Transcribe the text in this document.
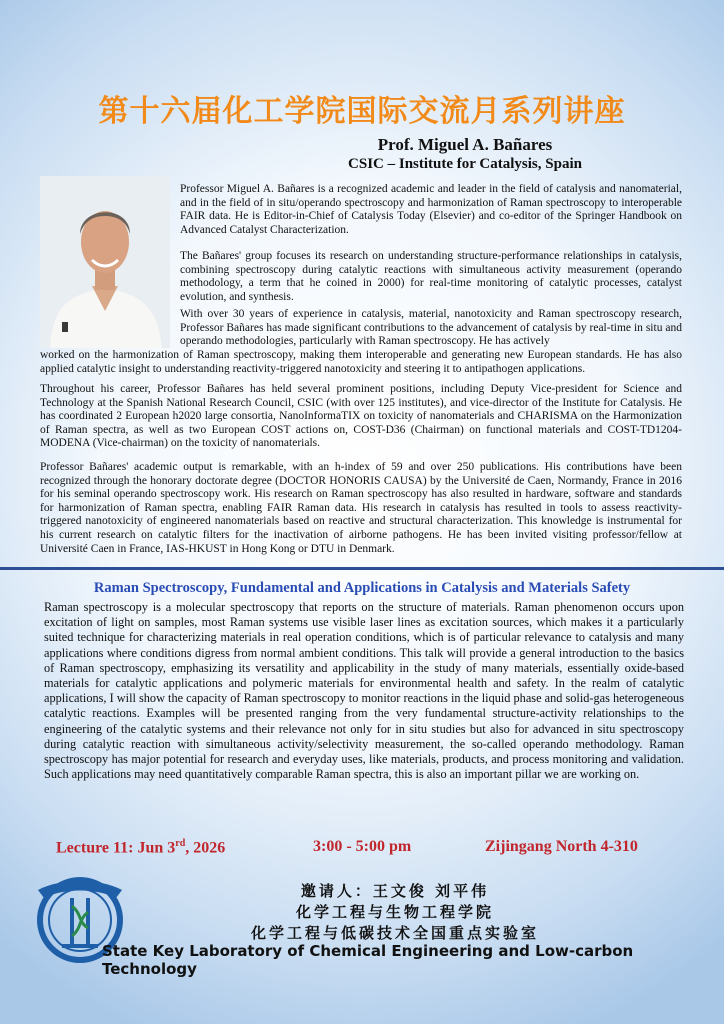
第十六届化工学院国际交流月系列讲座
Prof. Miguel A. Bañares
CSIC – Institute for Catalysis, Spain
Professor Miguel A. Bañares is a recognized academic and leader in the field of catalysis and nanomaterial, and in the field of in situ/operando spectroscopy and harmonization of Raman spectroscopy to interoperable FAIR data. He is Editor-in-Chief of Catalysis Today (Elsevier) and co-editor of the Springer Handbook on Advanced Catalyst Characterization.
The Bañares' group focuses its research on understanding structure-performance relationships in catalysis, combining spectroscopy during catalytic reactions with simultaneous activity measurement (operando methodology, a term that he coined in 2000) for real-time monitoring of catalytic processes, catalyst evolution, and synthesis.
With over 30 years of experience in catalysis, material, nanotoxicity and Raman spectroscopy research, Professor Bañares has made significant contributions to the advancement of catalysis by real-time in situ and operando methodologies, particularly with Raman spectroscopy. He has actively
worked on the harmonization of Raman spectroscopy, making them interoperable and generating new European standards. He has also applied catalytic insight to understanding reactivity-triggered nanotoxicity and steering it to antipathogen applications.
Throughout his career, Professor Bañares has held several prominent positions, including Deputy Vice-president for Science and Technology at the Spanish National Research Council, CSIC (with over 125 institutes), and vice-director of the Institute for Catalysis. He has coordinated 2 European h2020 large consortia, NanoInformaTIX on toxicity of nanomaterials and CHARISMA on the Harmonization of Raman spectra, as well as two European COST actions on, COST-D36 (Chairman) on functional materials and COST-TD1204-MODENA (Vice-chairman) on the toxicity of nanomaterials.
Professor Bañares' academic output is remarkable, with an h-index of 59 and over 250 publications. His contributions have been recognized through the honorary doctorate degree (DOCTOR HONORIS CAUSA) by the Université de Caen, Normandy, France in 2016 for his seminal operando spectroscopy work. His research on Raman spectroscopy has also resulted in hardware, software and standards for harmonization of Raman spectra, enabling FAIR Raman data. His research in catalysis has resulted in tools to assess reactivity-triggered nanotoxicity of engineered nanomaterials based on reactive and structural characterization. This knowledge is instrumental for his current research on catalytic filters for the inactivation of airborne pathogens. He has been invited visiting professor/fellow at Université Caen in France, IAS-HKUST in Hong Kong or DTU in Denmark.
Raman Spectroscopy, Fundamental and Applications in Catalysis and Materials Safety
Raman spectroscopy is a molecular spectroscopy that reports on the structure of materials. Raman phenomenon occurs upon excitation of light on samples, most Raman systems use visible laser lines as excitation sources, which makes it a particularly suited technique for characterizing materials in real operation conditions, which is of particular relevance to catalysis and many applications where conditions digress from normal ambient conditions. This talk will provide a general introduction to the basics of Raman spectroscopy, emphasizing its versatility and applicability in the study of many materials, essentially oxide-based materials for catalytic applications and polymeric materials for environmental health and safety. In the realm of catalytic applications, I will show the capacity of Raman spectroscopy to monitor reactions in the liquid phase and solid-gas heterogeneous catalytic reactions. Examples will be presented ranging from the very fundamental structure-activity relationships to the engineering of the catalytic systems and their relevance not only for in situ studies but also for advanced in situ spectroscopy during catalytic reaction with simultaneous activity/selectivity measurement, the so-called operando methodology. Raman spectroscopy has major potential for research and everyday uses, like materials, products, and process monitoring and validation. Such applications may need quantitatively comparable Raman spectra, this is also an important pillar we are working on.
Lecture 11: Jun 3rd, 2026	3:00 - 5:00 pm	Zijingang North 4-310
邀请人：王文俊 刘平伟
化学工程与生物工程学院
化学工程与低碳技术全国重点实验室
State Key Laboratory of Chemical Engineering and Low-carbon Technology
